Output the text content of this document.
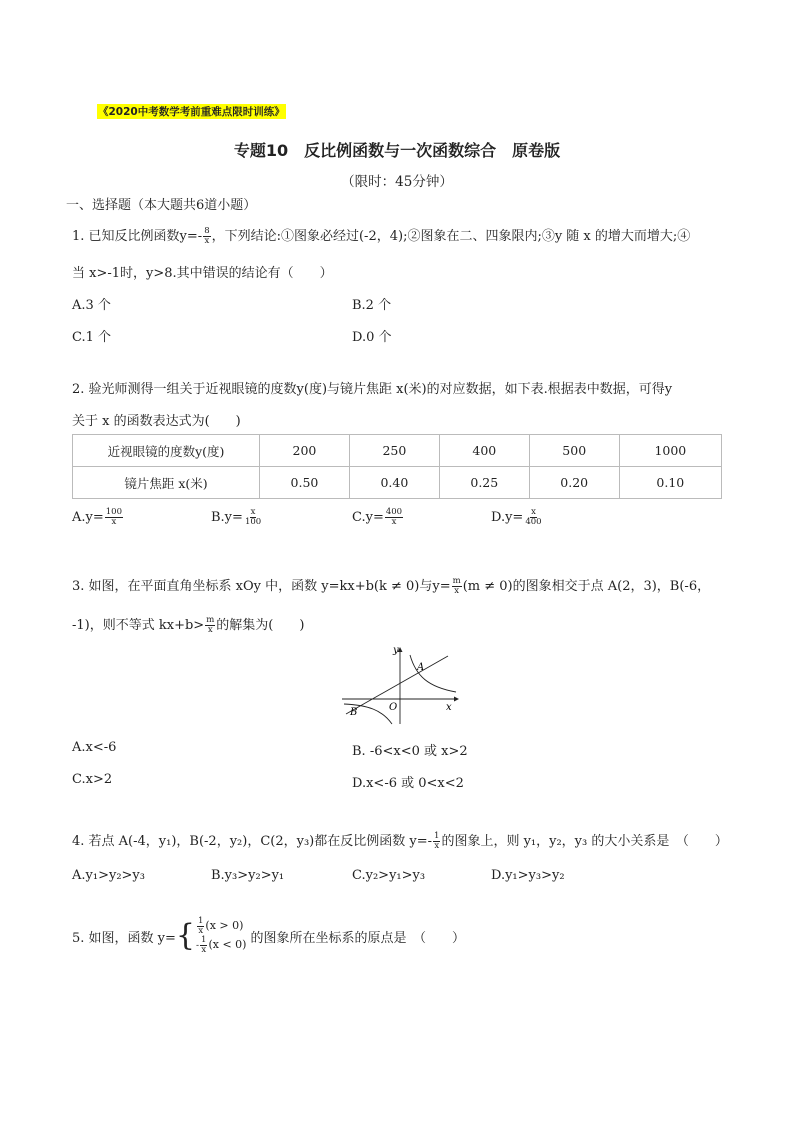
《2020中考数学考前重难点限时训练》
专题10　反比例函数与一次函数综合　原卷版
（限时：45分钟）
一、选择题（本大题共6道小题）
1. 已知反比例函数$y=- \frac{8}{x}$ ，下列结论:①图象必经过(-2，4);②图象在二、四象限内;③y 随 x 的增大而增大;④
当 x>-1时，y>8.其中错误的结论有（　　）
A.3 个	B.2 个
C.1 个	D.0 个
2. 验光师测得一组关于近视眼镜的度数y(度)与镜片焦距 x(米)的对应数据，如下表.根据表中数据，可得y
关于 x 的函数表达式为(　　)
近视眼镜的度数y(度)	200	250	400	500	1000
镜片焦距 x(米)	0.50	0.40	0.25	0.20	0.10
$A.y= \frac{100}{x}$	$B.y= \frac{x}{100}$	$C.y= \frac{400}{x}$	$D.y= \frac{x}{400}$
3. 如图，在平面直角坐标系 xOy 中，函数 y=kx+b(k ≠ 0)与$y= \frac{m}{x} (m \ne 0)$的图象相交于点 A(2，3)，B(-6，
-1)，则不等式 $kx+b> \frac{m}{x}$ 的解集为(　　)
y
x
O
A
B
A.x<-6	B. -6<x<0 或 x>2
C.x>2	D.x<-6 或 0<x<2
4. 若点 A(-4，y₁)，B(-2，y₂)，C(2，y₃)都在反比例函数 $y=- \frac{1}{x}$ 的图象上，则 y₁，y₂，y₃ 的大小关系是　（　　）
A.y₁>y₂>y₃	B.y₃>y₂>y₁	C.y₂>y₁>y₃	D.y₁>y₃>y₂
5. 如图，函数 y= { $\frac{1}{x} (x > 0)$
- $\frac{1}{x} (x < 0)$ 的图象所在坐标系的原点是　（　　）
